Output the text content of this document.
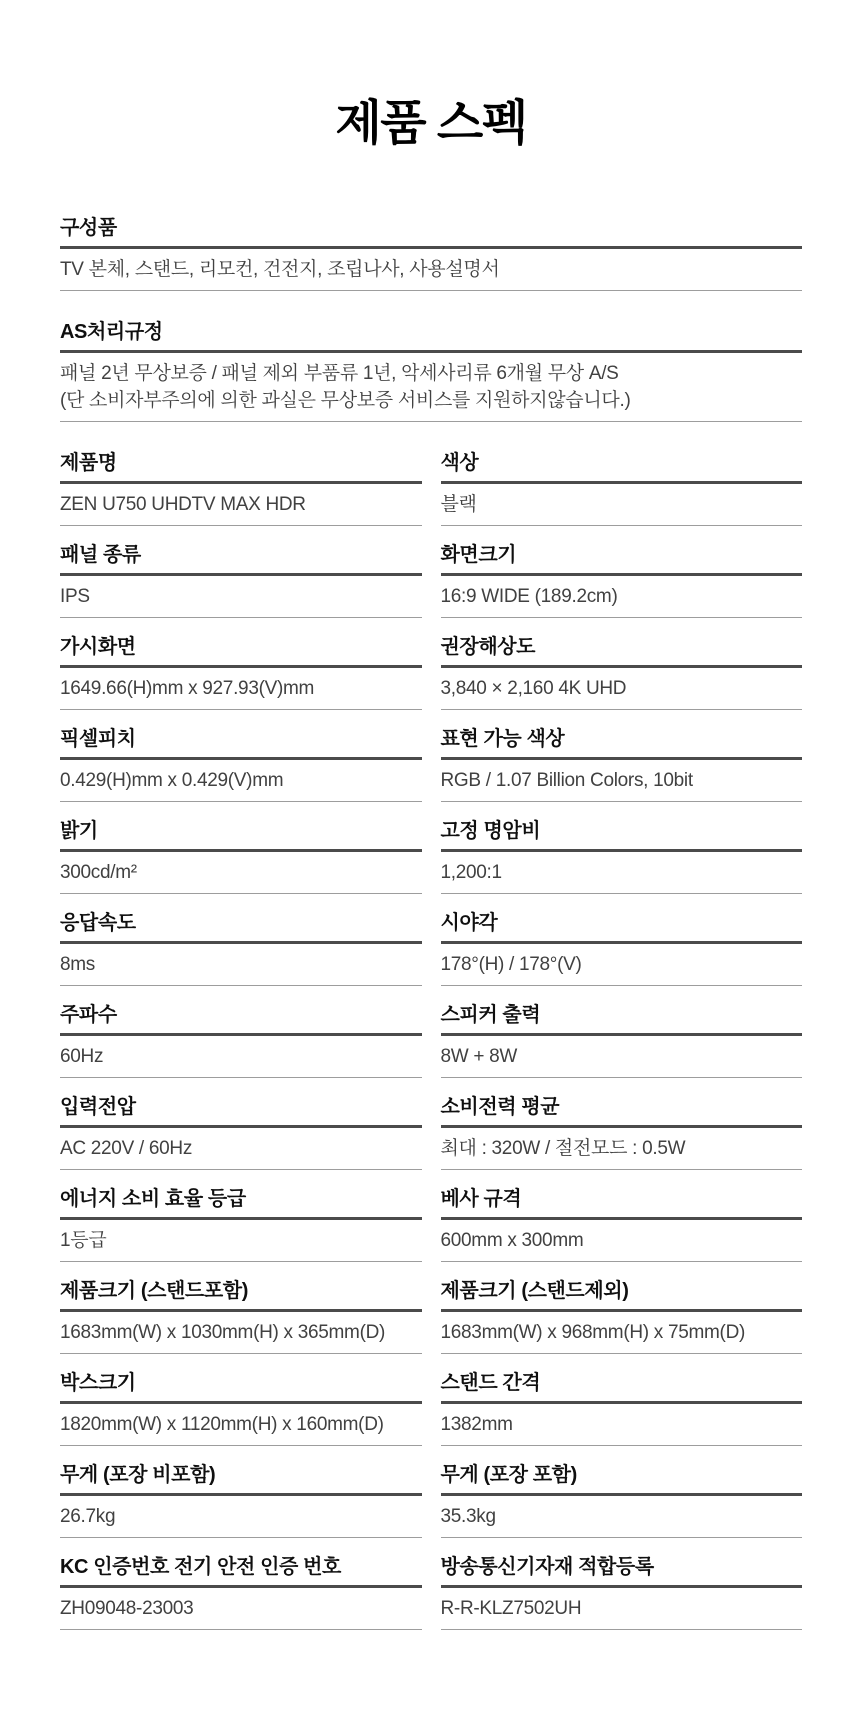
제품 스펙
구성품
TV 본체, 스탠드, 리모컨, 건전지, 조립나사, 사용설명서
AS처리규정
패널 2년 무상보증 / 패널 제외 부품류 1년, 악세사리류 6개월 무상 A/S
(단 소비자부주의에 의한 과실은 무상보증 서비스를 지원하지않습니다.)
제품명
ZEN U750 UHDTV MAX HDR
색상
블랙
패널 종류
IPS
화면크기
16:9 WIDE (189.2cm)
가시화면
1649.66(H)mm x 927.93(V)mm
권장해상도
3,840 × 2,160 4K UHD
픽셀피치
0.429(H)mm x 0.429(V)mm
표현 가능 색상
RGB / 1.07 Billion Colors, 10bit
밝기
300cd/m²
고정 명암비
1,200:1
응답속도
8ms
시야각
178°(H) / 178°(V)
주파수
60Hz
스피커 출력
8W + 8W
입력전압
AC 220V / 60Hz
소비전력 평균
최대 : 320W / 절전모드 : 0.5W
에너지 소비 효율 등급
1등급
베사 규격
600mm x 300mm
제품크기 (스탠드포함)
1683mm(W) x 1030mm(H) x 365mm(D)
제품크기 (스탠드제외)
1683mm(W) x 968mm(H) x 75mm(D)
박스크기
1820mm(W) x 1120mm(H) x 160mm(D)
스탠드 간격
1382mm
무게 (포장 비포함)
26.7kg
무게 (포장 포함)
35.3kg
KC 인증번호 전기 안전 인증 번호
ZH09048-23003
방송통신기자재 적합등록
R-R-KLZ7502UH
